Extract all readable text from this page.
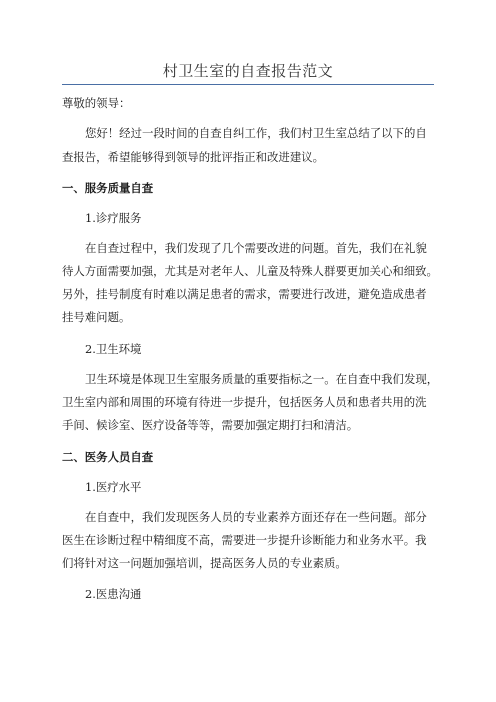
村卫生室的自查报告范文
尊敬的领导：
您好！经过一段时间的自查自纠工作，我们村卫生室总结了以下的自
查报告，希望能够得到领导的批评指正和改进建议。
一、服务质量自查
1.诊疗服务
在自查过程中，我们发现了几个需要改进的问题。首先，我们在礼貌
待人方面需要加强，尤其是对老年人、儿童及特殊人群要更加关心和细致。
另外，挂号制度有时难以满足患者的需求，需要进行改进，避免造成患者
挂号难问题。
2.卫生环境
卫生环境是体现卫生室服务质量的重要指标之一。在自查中我们发现，
卫生室内部和周围的环境有待进一步提升，包括医务人员和患者共用的洗
手间、候诊室、医疗设备等等，需要加强定期打扫和清洁。
二、医务人员自查
1.医疗水平
在自查中，我们发现医务人员的专业素养方面还存在一些问题。部分
医生在诊断过程中精细度不高，需要进一步提升诊断能力和业务水平。我
们将针对这一问题加强培训，提高医务人员的专业素质。
2.医患沟通
